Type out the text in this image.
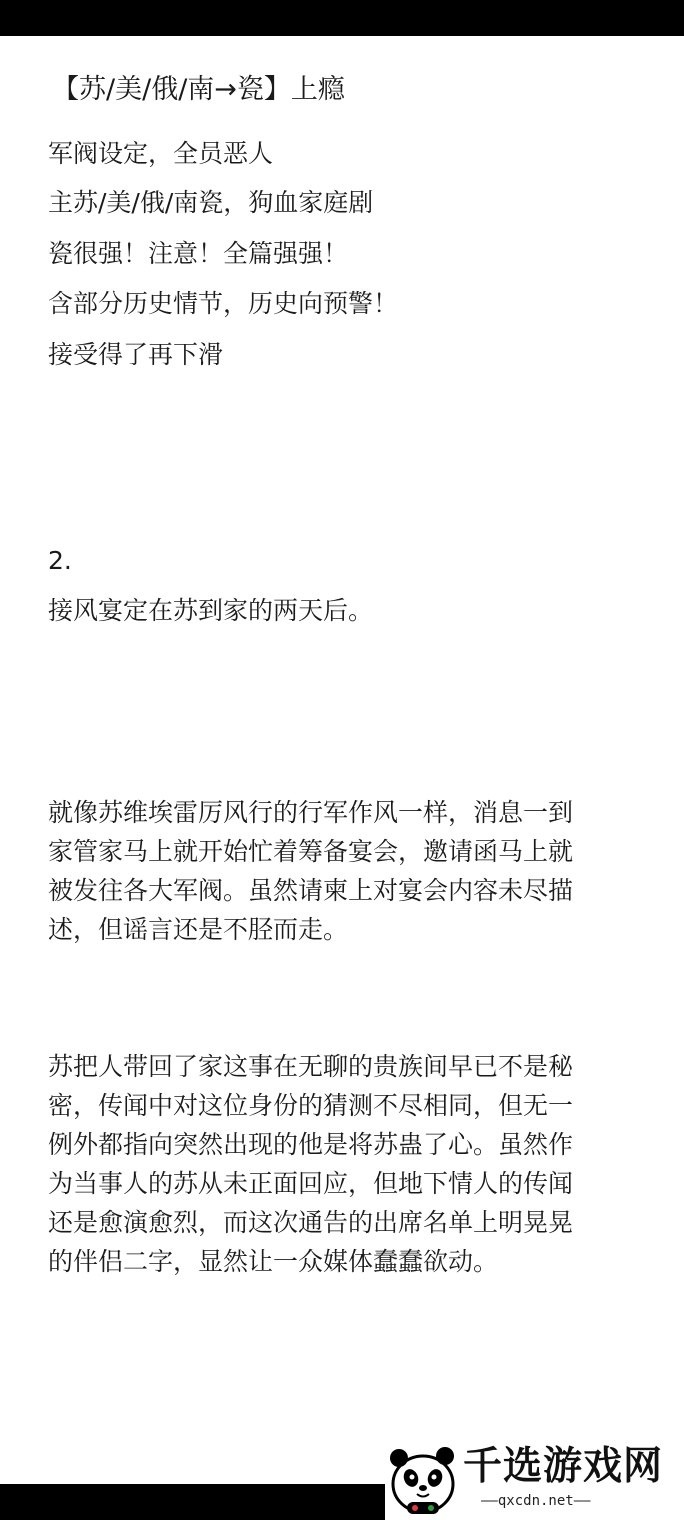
【苏/美/俄/南→瓷】上瘾
军阀设定，全员恶人
主苏/美/俄/南瓷，狗血家庭剧
瓷很强！注意！全篇强强！
含部分历史情节，历史向预警！
接受得了再下滑
2.
接风宴定在苏到家的两天后。
就像苏维埃雷厉风行的行军作风一样，消息一到
家管家马上就开始忙着筹备宴会，邀请函马上就
被发往各大军阀。虽然请柬上对宴会内容未尽描
述，但谣言还是不胫而走。
苏把人带回了家这事在无聊的贵族间早已不是秘
密，传闻中对这位身份的猜测不尽相同，但无一
例外都指向突然出现的他是将苏蛊了心。虽然作
为当事人的苏从未正面回应，但地下情人的传闻
还是愈演愈烈，而这次通告的出席名单上明晃晃
的伴侣二字，显然让一众媒体蠢蠢欲动。
千选游戏网
——qxcdn.net——
